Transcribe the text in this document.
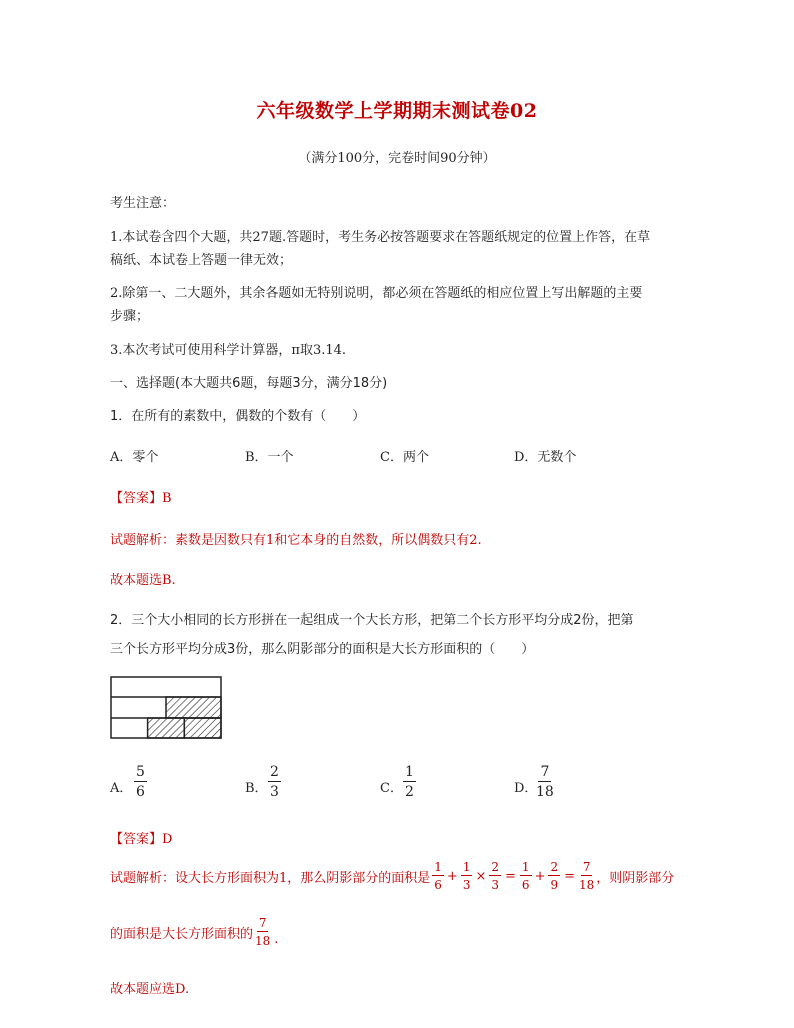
六年级数学上学期期末测试卷02
（满分100分，完卷时间90分钟）
考生注意：
1.本试卷含四个大题，共27题.答题时，考生务必按答题要求在答题纸规定的位置上作答，在草
稿纸、本试卷上答题一律无效；
2.除第一、二大题外，其余各题如无特别说明，都必须在答题纸的相应位置上写出解题的主要
步骤；
3.本次考试可使用科学计算器，π取3.14.
一、选择题(本大题共6题，每题3分，满分18分)
1．在所有的素数中，偶数的个数有（　　）
A．零个	B．一个	C．两个	D．无数个
【答案】B
试题解析：素数是因数只有1和它本身的自然数，所以偶数只有2.
故本题选B.
2．三个大小相同的长方形拼在一起组成一个大长方形，把第二个长方形平均分成2份，把第
三个长方形平均分成3份，那么阴影部分的面积是大长方形面积的（　　）
A． $\frac{5}{6}$	B． $\frac{2}{3}$	C． $\frac{1}{2}$	D．
$\frac{7}{18}$
【答案】D
试题解析：设大长方形面积为1，那么阴影部分的面积是 $\frac{1}{6} + \frac{1}{3} \times \frac{2}{3} = \frac{1}{6} + \frac{2}{9} = \frac{7}{18}$ ，则阴影部分
的面积是大长方形面积的 $\frac{7}{18}$ .
故本题应选D.
